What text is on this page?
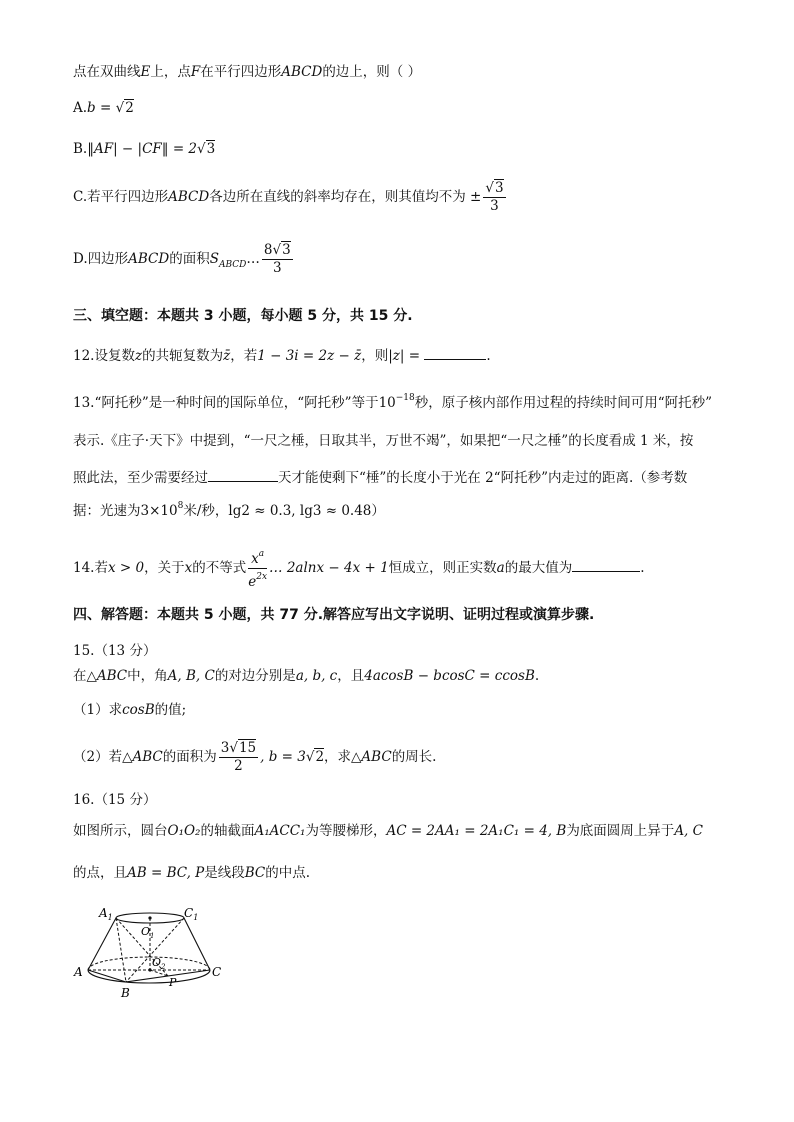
点在双曲线E上，点F在平行四边形ABCD的边上，则（ ）
A.b = √2
B.‖AF| − |CF‖ = 2√3
C.若平行四边形ABCD各边所在直线的斜率均存在，则其值均不为 ± $\frac{√3}{3}$
D.四边形ABCD的面积$S_{ABCD}\dots \frac{8√3}{3}$
三、填空题：本题共 3 小题，每小题 5 分，共 15 分.
12.设复数z的共轭复数为z̄，若1 − 3i = 2z − z̄，则|z| =	.
13.“阿托秒”是一种时间的国际单位，“阿托秒”等于$10^{-18}$秒，原子核内部作用过程的持续时间可用“阿托秒”
表示.《庄子·天下》中提到，“一尺之棰，日取其半，万世不竭”，如果把“一尺之棰”的长度看成 1 米，按
照此法，至少需要经过	天才能使剩下“棰”的长度小于光在 2“阿托秒”内走过的距离.（参考数
据：光速为$3\times 10^8$米/秒，lg2 ≈ 0.3, lg3 ≈ 0.48）
14.若x > 0，关于x的不等式 $\frac{x^a}{e^{2x}}$ … 2alnx − 4x + 1恒成立，则正实数a的最大值为	.
四、解答题：本题共 5 小题，共 77 分.解答应写出文字说明、证明过程或演算步骤.
15.（13 分）
在△ABC中，角A, B, C的对边分别是a, b, c，且4acosB − bcosC = ccosB.
（1）求cosB的值;
（2）若△ABC的面积为 $\frac{3√15}{2}$ , b = 3√2，求△ABC的周长.
16.（15 分）
如图所示，圆台O₁O₂的轴截面A₁ACC₁为等腰梯形，AC = 2AA₁ = 2A₁C₁ = 4, B为底面圆周上异于A, C
的点，且AB = BC, P是线段BC的中点.
$A_1$	$C_1$
$O_1$
$O_2$
A	C
B
P
